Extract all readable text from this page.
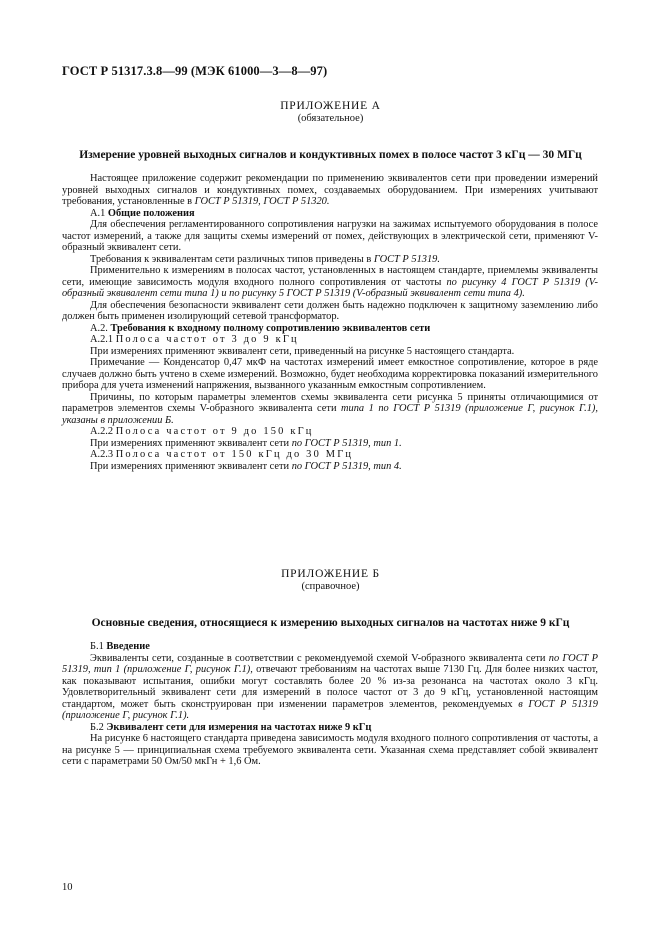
ГОСТ Р 51317.3.8—99 (МЭК 61000—3—8—97)
ПРИЛОЖЕНИЕ А
(обязательное)
Измерение уровней выходных сигналов и кондуктивных помех в полосе частот 3 кГц — 30 МГц

Настоящее приложение содержит рекомендации по применению эквивалентов сети при проведении измерений уровней выходных сигналов и кондуктивных помех, создаваемых оборудованием. При измерениях учитывают требования, установленные в ГОСТ Р 51319, ГОСТ Р 51320.

А.1 Общие положения

Для обеспечения регламентированного сопротивления нагрузки на зажимах испытуемого оборудования в полосе частот измерений, а также для защиты схемы измерений от помех, действующих в электрической сети, применяют V-образный эквивалент сети.

Требования к эквивалентам сети различных типов приведены в ГОСТ Р 51319.

Применительно к измерениям в полосах частот, установленных в настоящем стандарте, приемлемы эквиваленты сети, имеющие зависимость модуля входного полного сопротивления от частоты по рисунку 4 ГОСТ Р 51319 (V-образный эквивалент сети типа 1) и по рисунку 5 ГОСТ Р 51319 (V-образный эквивалент сети типа 4).

Для обеспечения безопасности эквивалент сети должен быть надежно подключен к защитному заземлению либо должен быть применен изолирующий сетевой трансформатор.

А.2. Требования к входному полному сопротивлению эквивалентов сети

А.2.1 Полоса частот от 3 до 9 кГц

При измерениях применяют эквивалент сети, приведенный на рисунке 5 настоящего стандарта.

Примечание — Конденсатор 0,47 мкФ на частотах измерений имеет емкостное сопротивление, которое в ряде случаев должно быть учтено в схеме измерений. Возможно, будет необходима корректировка показаний измерительного прибора для учета изменений напряжения, вызванного указанным емкостным сопротивлением.

Причины, по которым параметры элементов схемы эквивалента сети рисунка 5 приняты отличающимися от параметров элементов схемы V-образного эквивалента сети типа 1 по ГОСТ Р 51319 (приложение Г, рисунок Г.1), указаны в приложении Б.

А.2.2 Полоса частот от 9 до 150 кГц

При измерениях применяют эквивалент сети по ГОСТ Р 51319, тип 1.

А.2.3 Полоса частот от 150 кГц до 30 МГц

При измерениях применяют эквивалент сети по ГОСТ Р 51319, тип 4.

ПРИЛОЖЕНИЕ Б
(справочное)
Основные сведения, относящиеся к измерению выходных сигналов на частотах ниже 9 кГц

Б.1 Введение

Эквиваленты сети, созданные в соответствии с рекомендуемой схемой V-образного эквивалента сети по ГОСТ Р 51319, тип 1 (приложение Г, рисунок Г.1), отвечают требованиям на частотах выше 7130 Гц. Для более низких частот, как показывают испытания, ошибки могут составлять более 20 % из-за резонанса на частотах около 3 кГц. Удовлетворительный эквивалент сети для измерений в полосе частот от 3 до 9 кГц, установленной настоящим стандартом, может быть сконструирован при изменении параметров элементов, рекомендуемых в ГОСТ Р 51319 (приложение Г, рисунок Г.1).

Б.2 Эквивалент сети для измерения на частотах ниже 9 кГц

На рисунке 6 настоящего стандарта приведена зависимость модуля входного полного сопротивления от частоты, а на рисунке 5 — принципиальная схема требуемого эквивалента сети. Указанная схема представляет собой эквивалент сети с параметрами 50 Ом/50 мкГн + 1,6 Ом.

10
